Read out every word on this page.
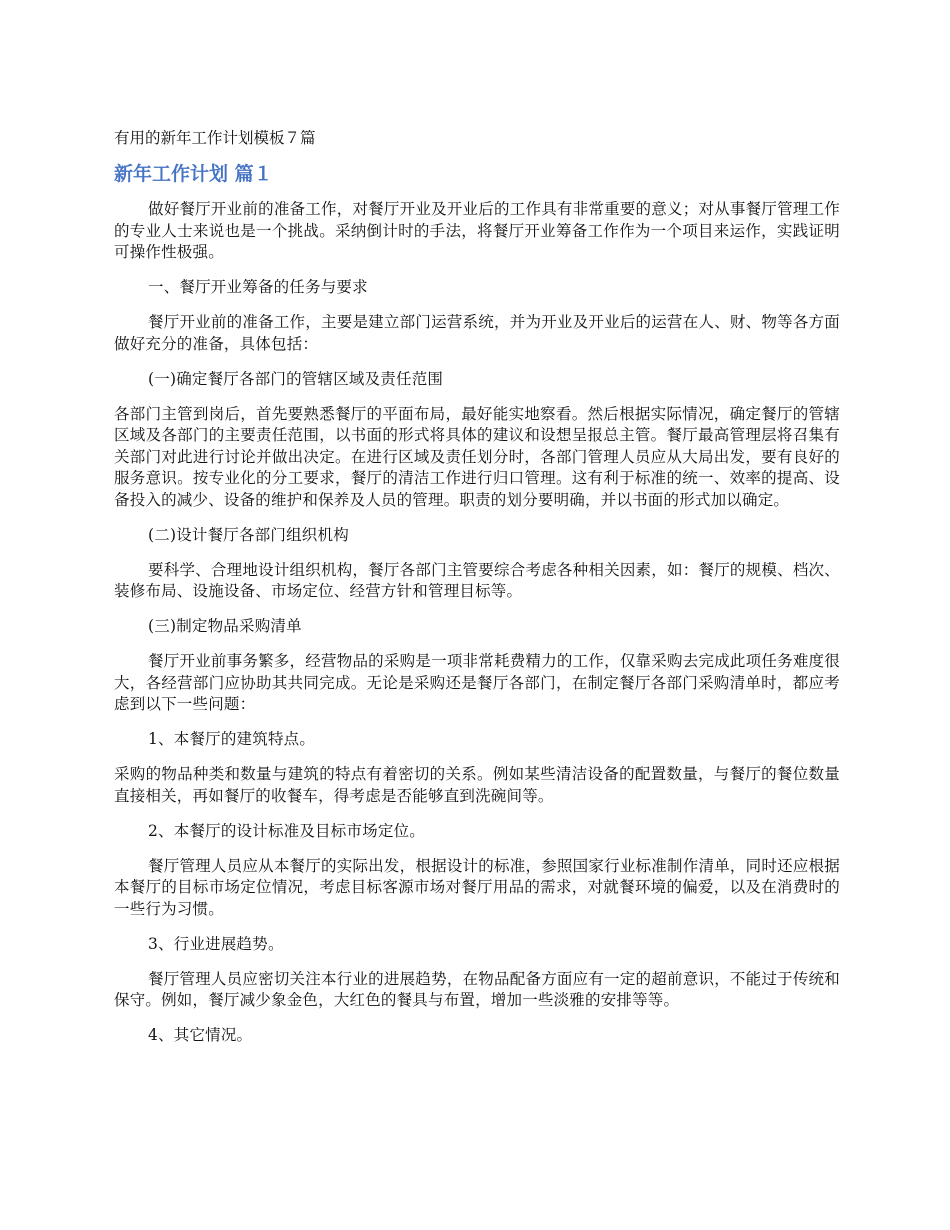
有用的新年工作计划模板７篇
新年工作计划 篇１

做好餐厅开业前的准备工作，对餐厅开业及开业后的工作具有非常重要的意义；对从事餐厅管理工作的专业人士来说也是一个挑战。采纳倒计时的手法，将餐厅开业筹备工作作为一个项目来运作，实践证明可操作性极强。

一、餐厅开业筹备的任务与要求

餐厅开业前的准备工作，主要是建立部门运营系统，并为开业及开业后的运营在人、财、物等各方面做好充分的准备，具体包括：

(一)确定餐厅各部门的管辖区域及责任范围

各部门主管到岗后，首先要熟悉餐厅的平面布局，最好能实地察看。然后根据实际情况，确定餐厅的管辖区域及各部门的主要责任范围，以书面的形式将具体的建议和设想呈报总主管。餐厅最高管理层将召集有关部门对此进行讨论并做出决定。在进行区域及责任划分时，各部门管理人员应从大局出发，要有良好的服务意识。按专业化的分工要求，餐厅的清洁工作进行归口管理。这有利于标准的统一、效率的提高、设备投入的减少、设备的维护和保养及人员的管理。职责的划分要明确，并以书面的形式加以确定。

(二)设计餐厅各部门组织机构

要科学、合理地设计组织机构，餐厅各部门主管要综合考虑各种相关因素，如：餐厅的规模、档次、装修布局、设施设备、市场定位、经营方针和管理目标等。

(三)制定物品采购清单

餐厅开业前事务繁多，经营物品的采购是一项非常耗费精力的工作，仅靠采购去完成此项任务难度很大，各经营部门应协助其共同完成。无论是采购还是餐厅各部门，在制定餐厅各部门采购清单时，都应考虑到以下一些问题：

1、本餐厅的建筑特点。

采购的物品种类和数量与建筑的特点有着密切的关系。例如某些清洁设备的配置数量，与餐厅的餐位数量直接相关，再如餐厅的收餐车，得考虑是否能够直到洗碗间等。

2、本餐厅的设计标准及目标市场定位。

餐厅管理人员应从本餐厅的实际出发，根据设计的标准，参照国家行业标准制作清单，同时还应根据本餐厅的目标市场定位情况，考虑目标客源市场对餐厅用品的需求，对就餐环境的偏爱，以及在消费时的一些行为习惯。

3、行业进展趋势。

餐厅管理人员应密切关注本行业的进展趋势，在物品配备方面应有一定的超前意识，不能过于传统和保守。例如，餐厅减少象金色，大红色的餐具与布置，增加一些淡雅的安排等等。

4、其它情况。
